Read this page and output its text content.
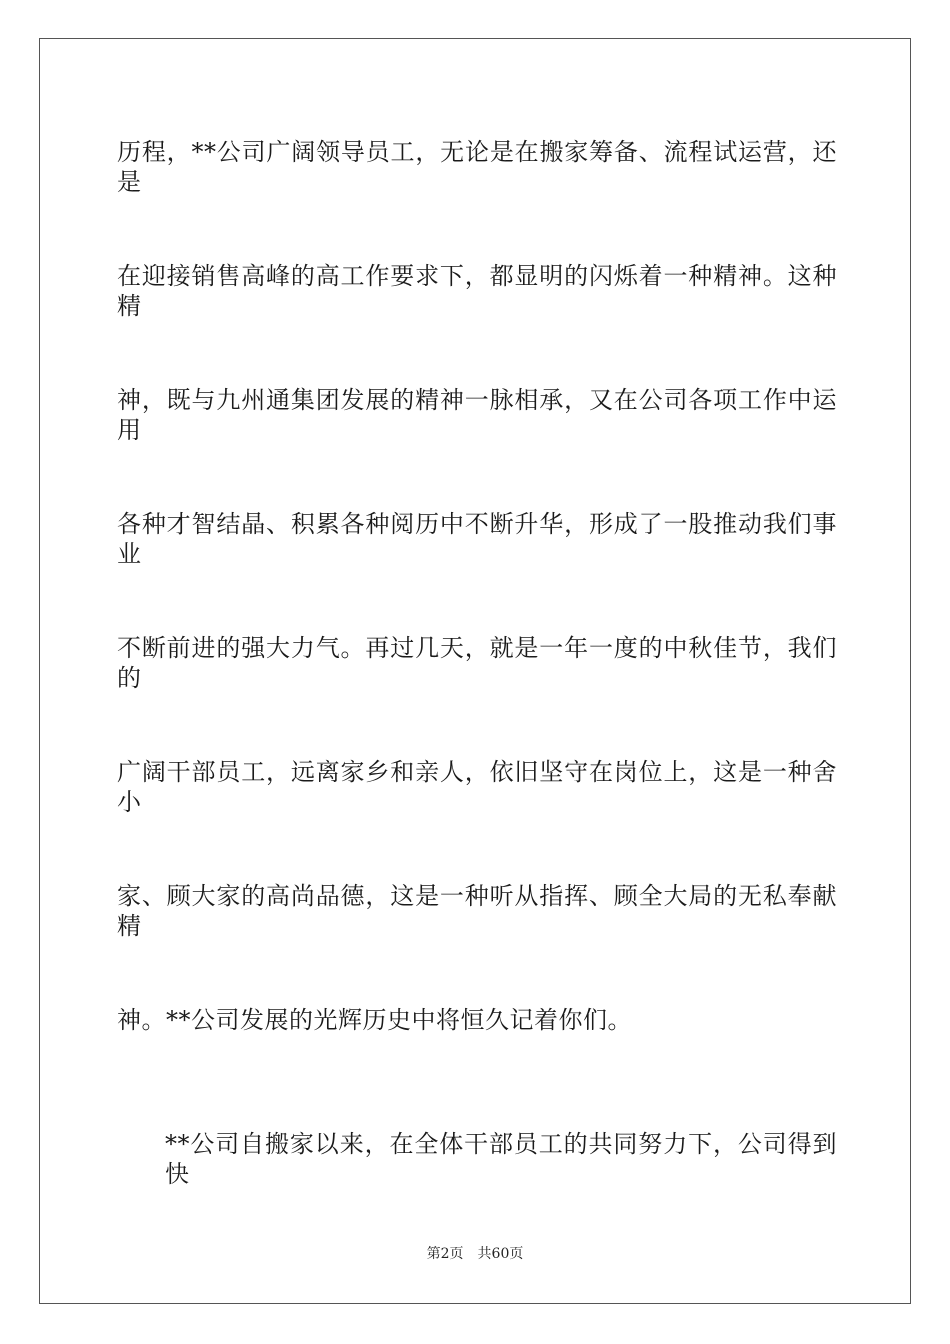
历程，**公司广阔领导员工，无论是在搬家筹备、流程试运营，还是
在迎接销售高峰的高工作要求下，都显明的闪烁着一种精神。这种精
神，既与九州通集团发展的精神一脉相承，又在公司各项工作中运用
各种才智结晶、积累各种阅历中不断升华，形成了一股推动我们事业
不断前进的强大力气。再过几天，就是一年一度的中秋佳节，我们的
广阔干部员工，远离家乡和亲人，依旧坚守在岗位上，这是一种舍小
家、顾大家的高尚品德，这是一种听从指挥、顾全大局的无私奉献精
神。**公司发展的光辉历史中将恒久记着你们。
**公司自搬家以来，在全体干部员工的共同努力下，公司得到快
第2页 共60页
